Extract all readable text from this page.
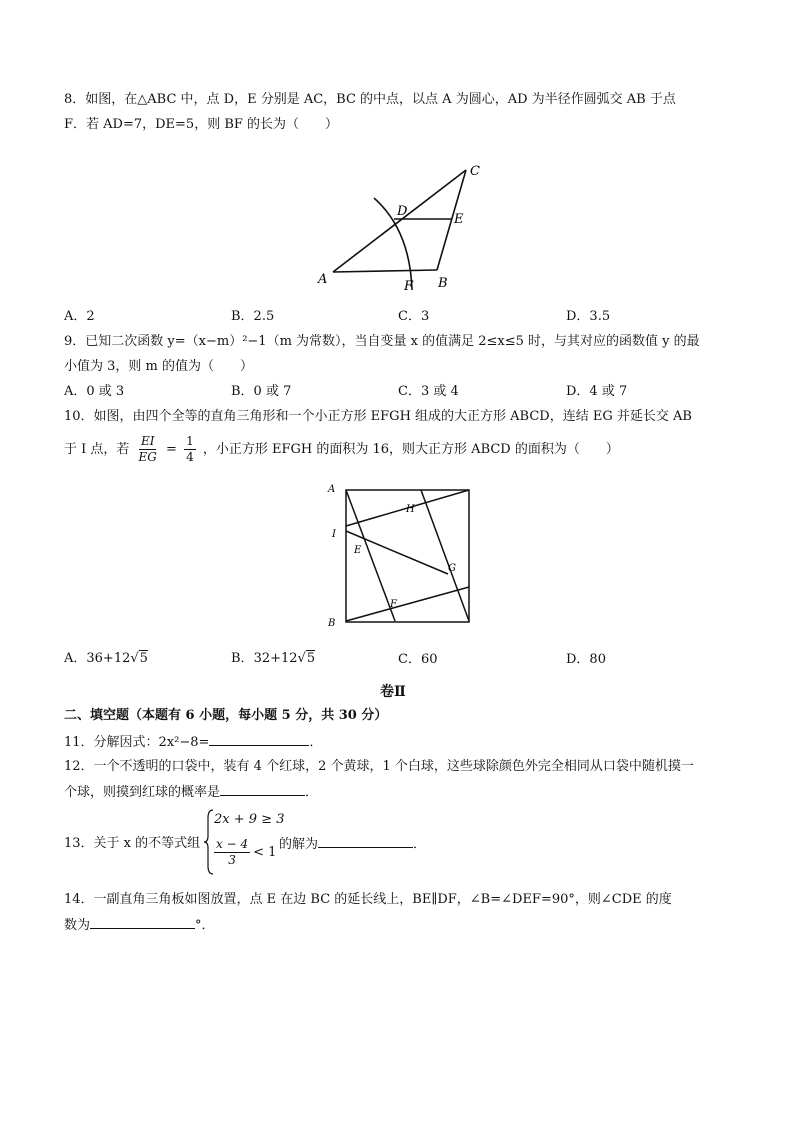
8．如图，在△ABC 中，点 D，E 分别是 AC，BC 的中点，以点 A 为圆心，AD 为半径作圆弧交 AB 于点
F．若 AD=7，DE=5，则 BF 的长为（　　）
A	B
C
D
E
F
A．2	B．2.5	C．3	D．3.5
9．已知二次函数 y=（x−m）²−1（m 为常数），当自变量 x 的值满足 2≤x≤5 时，与其对应的函数值 y 的最
小值为 3，则 m 的值为（　　）
A．0 或 3	B．0 或 7	C．3 或 4	D．4 或 7
10．如图，由四个全等的直角三角形和一个小正方形 EFGH 组成的大正方形 ABCD，连结 EG 并延长交 AB
于 I 点，若 $\frac{EI}{EG} = \frac{1}{4}$ ，小正方形 EFGH 的面积为 16，则大正方形 ABCD 的面积为（　　）
A
B
I
E
F
G
H
A．36+12√5	B．32+12√5	C．60	D．80
卷Ⅱ
二、填空题（本题有 6 小题，每小题 5 分，共 30 分）
11．分解因式：2x²−8=	．
12．一个不透明的口袋中，装有 4 个红球，2 个黄球，1 个白球，这些球除颜色外完全相同从口袋中随机摸一
个球，则摸到红球的概率是	．
13．关于 x 的不等式组
2x + 9 ≥ 3
$\frac{x - 4}{3} < 1$
的解为	．
14．一副直角三角板如图放置，点 E 在边 BC 的延长线上，BE∥DF，∠B=∠DEF=90°，则∠CDE 的度
数为	°．
